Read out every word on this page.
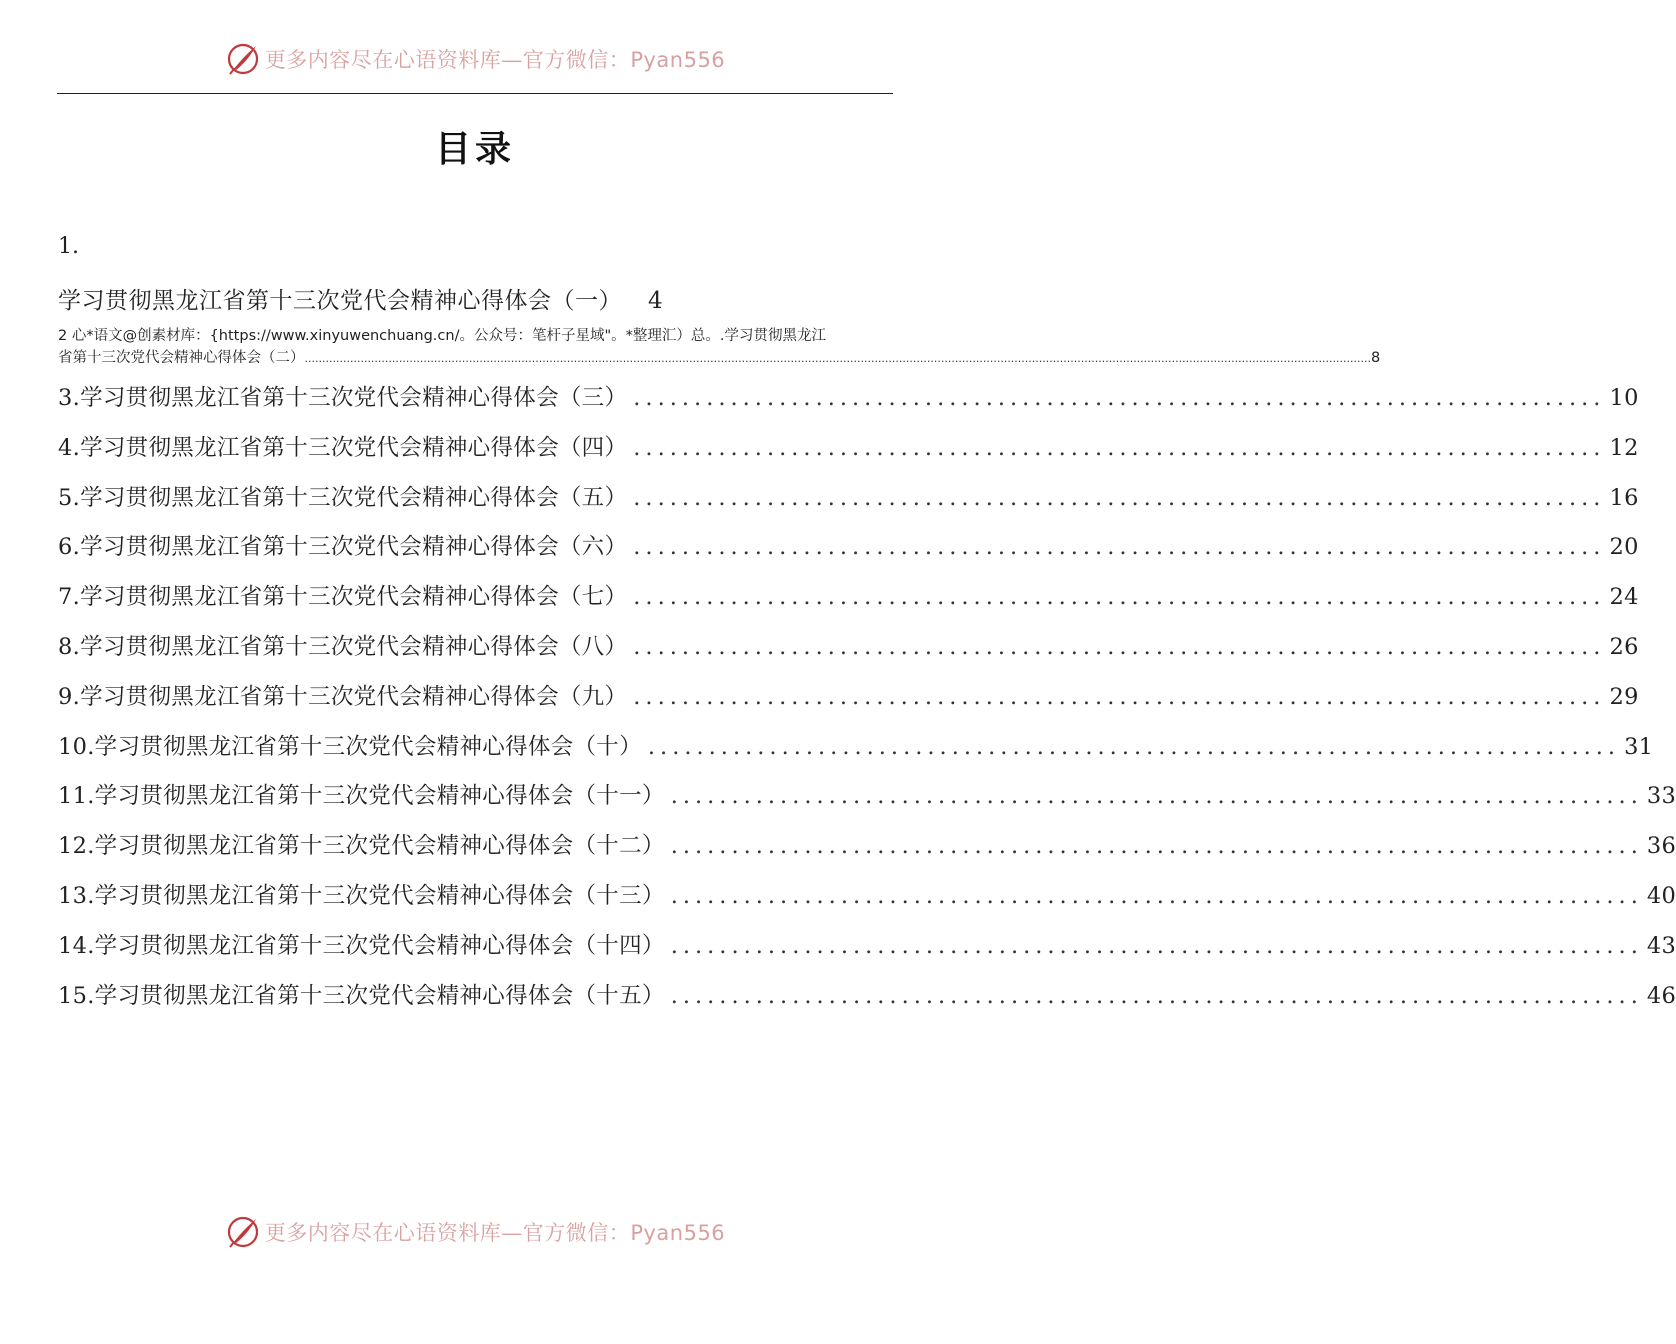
更多内容尽在心语资料库—官方微信：Pyan556
目录
1.
学习贯彻黑龙江省第十三次党代会精神心得体会（一） 4
2 心*语文@创素材库：{https://www.xinyuwenchuang.cn/。公众号：笔杆子星域"。*整理汇）总。.学习贯彻黑龙江
省第十三次党代会精神心得体会（二） ................................................................................................................................................................................................................................................................................................................. 8
3.学习贯彻黑龙江省第十三次党代会精神心得体会（三） ................................................................................ 10
4.学习贯彻黑龙江省第十三次党代会精神心得体会（四） ................................................................................ 12
5.学习贯彻黑龙江省第十三次党代会精神心得体会（五） ................................................................................ 16
6.学习贯彻黑龙江省第十三次党代会精神心得体会（六） ................................................................................ 20
7.学习贯彻黑龙江省第十三次党代会精神心得体会（七） ................................................................................ 24
8.学习贯彻黑龙江省第十三次党代会精神心得体会（八） ................................................................................ 26
9.学习贯彻黑龙江省第十三次党代会精神心得体会（九） ................................................................................ 29
10.学习贯彻黑龙江省第十三次党代会精神心得体会（十） ................................................................................ 31
11.学习贯彻黑龙江省第十三次党代会精神心得体会（十一） ................................................................................ 33
12.学习贯彻黑龙江省第十三次党代会精神心得体会（十二） ................................................................................ 36
13.学习贯彻黑龙江省第十三次党代会精神心得体会（十三） ................................................................................ 40
14.学习贯彻黑龙江省第十三次党代会精神心得体会（十四） ................................................................................ 43
15.学习贯彻黑龙江省第十三次党代会精神心得体会（十五） ................................................................................ 46
更多内容尽在心语资料库—官方微信：Pyan556
